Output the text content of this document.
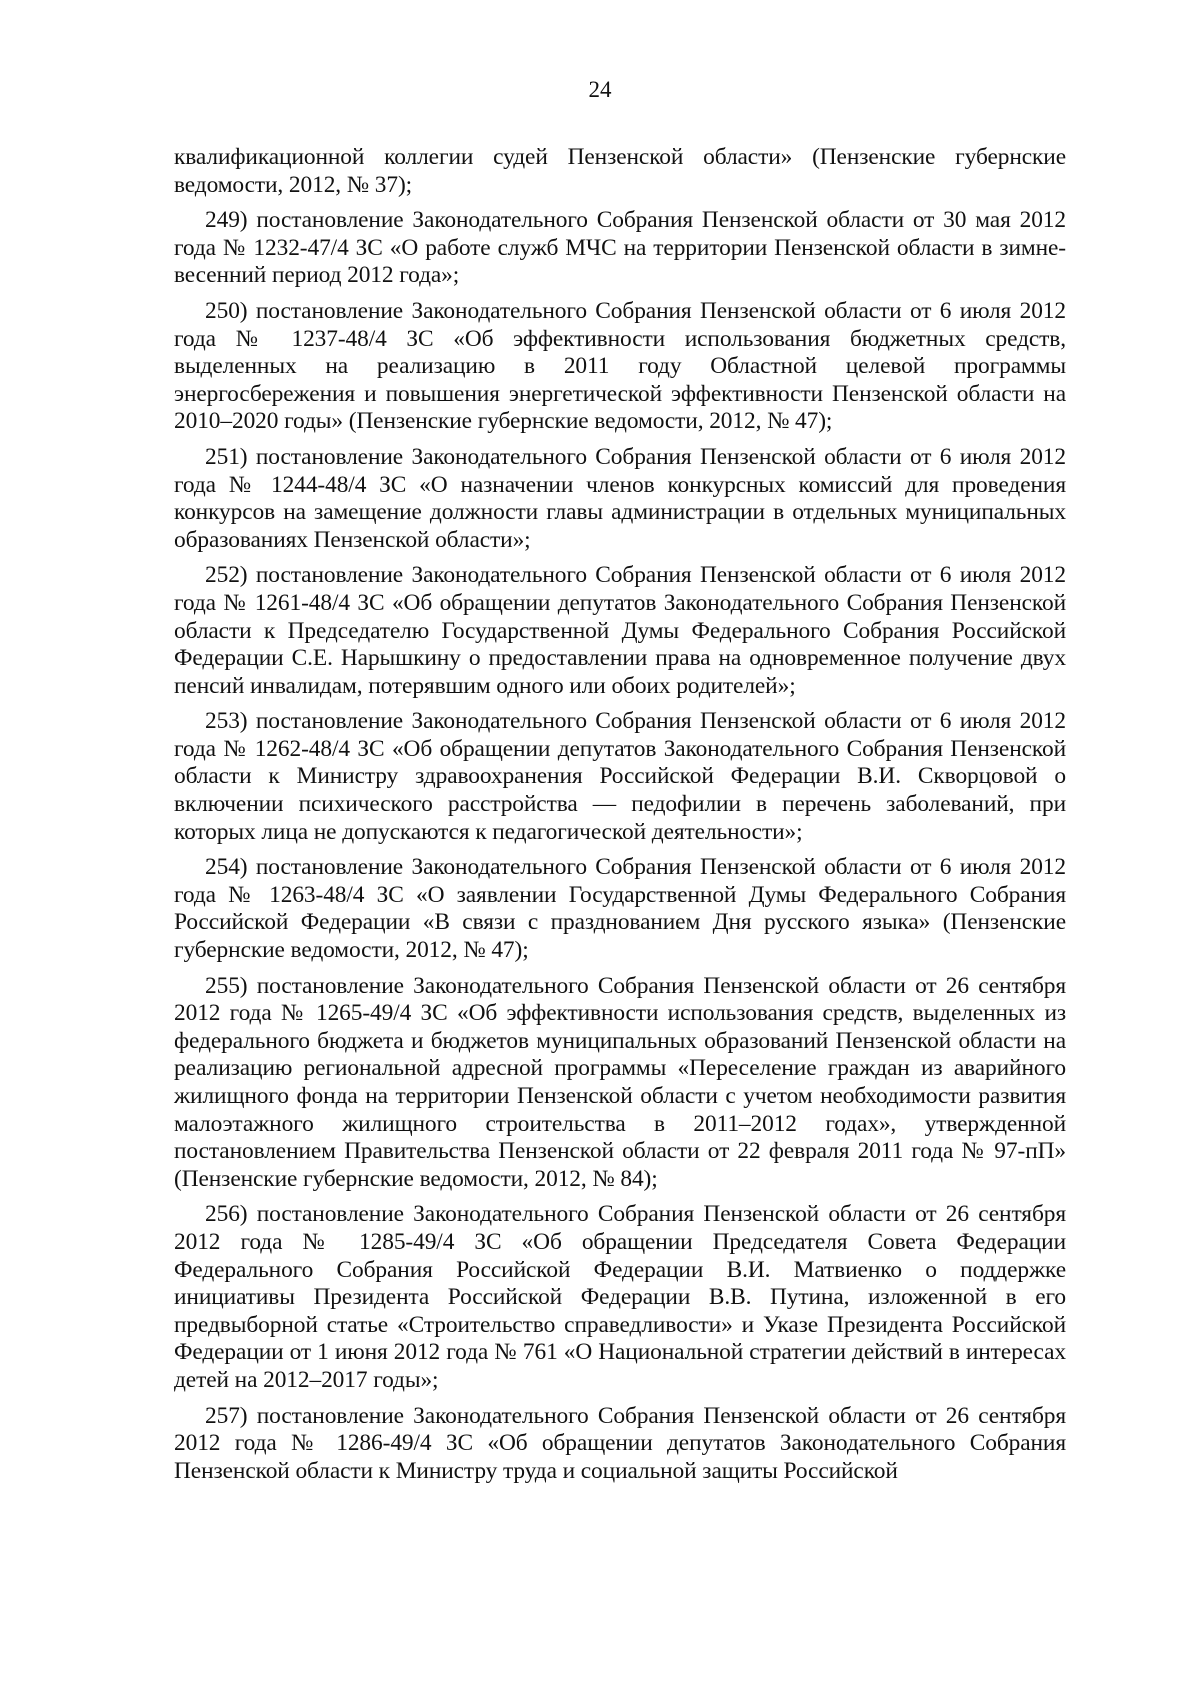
24

квалификационной коллегии судей Пензенской области» (Пензенские губернские ведомости, 2012, № 37);

249) постановление Законодательного Собрания Пензенской области от 30 мая 2012 года № 1232-47/4 ЗС «О работе служб МЧС на территории Пензенской области в зимне-весенний период 2012 года»;

250) постановление Законодательного Собрания Пензенской области от 6 июля 2012 года № 1237-48/4 ЗС «Об эффективности использования бюджетных средств, выделенных на реализацию в 2011 году Областной целевой программы энергосбережения и повышения энергетической эффективности Пензенской области на 2010–2020 годы» (Пензенские губернские ведомости, 2012, № 47);

251) постановление Законодательного Собрания Пензенской области от 6 июля 2012 года № 1244-48/4 ЗС «О назначении членов конкурсных комиссий для проведения конкурсов на замещение должности главы администрации в отдельных муниципальных образованиях Пензенской области»;

252) постановление Законодательного Собрания Пензенской области от 6 июля 2012 года № 1261-48/4 ЗС «Об обращении депутатов Законодательного Собрания Пензенской области к Председателю Государственной Думы Федерального Собрания Российской Федерации С.Е. Нарышкину о предоставлении права на одновременное получение двух пенсий инвалидам, потерявшим одного или обоих родителей»;

253) постановление Законодательного Собрания Пензенской области от 6 июля 2012 года № 1262-48/4 ЗС «Об обращении депутатов Законодательного Собрания Пензенской области к Министру здравоохранения Российской Федерации В.И. Скворцовой о включении психического расстройства — педофилии в перечень заболеваний, при которых лица не допускаются к педагогической деятельности»;

254) постановление Законодательного Собрания Пензенской области от 6 июля 2012 года № 1263-48/4 ЗС «О заявлении Государственной Думы Федерального Собрания Российской Федерации «В связи с празднованием Дня русского языка» (Пензенские губернские ведомости, 2012, № 47);

255) постановление Законодательного Собрания Пензенской области от 26 сентября 2012 года № 1265-49/4 ЗС «Об эффективности использования средств, выделенных из федерального бюджета и бюджетов муниципальных образований Пензенской области на реализацию региональной адресной программы «Переселение граждан из аварийного жилищного фонда на территории Пензенской области с учетом необходимости развития малоэтажного жилищного строительства в 2011–2012 годах», утвержденной постановлением Правительства Пензенской области от 22 февраля 2011 года № 97-пП» (Пензенские губернские ведомости, 2012, № 84);

256) постановление Законодательного Собрания Пензенской области от 26 сентября 2012 года № 1285-49/4 ЗС «Об обращении Председателя Совета Федерации Федерального Собрания Российской Федерации В.И. Матвиенко о поддержке инициативы Президента Российской Федерации В.В. Путина, изложенной в его предвыборной статье «Строительство справедливости» и Указе Президента Российской Федерации от 1 июня 2012 года № 761 «О Национальной стратегии действий в интересах детей на 2012–2017 годы»;

257) постановление Законодательного Собрания Пензенской области от 26 сентября 2012 года № 1286-49/4 ЗС «Об обращении депутатов Законодательного Собрания Пензенской области к Министру труда и социальной защиты Российской
